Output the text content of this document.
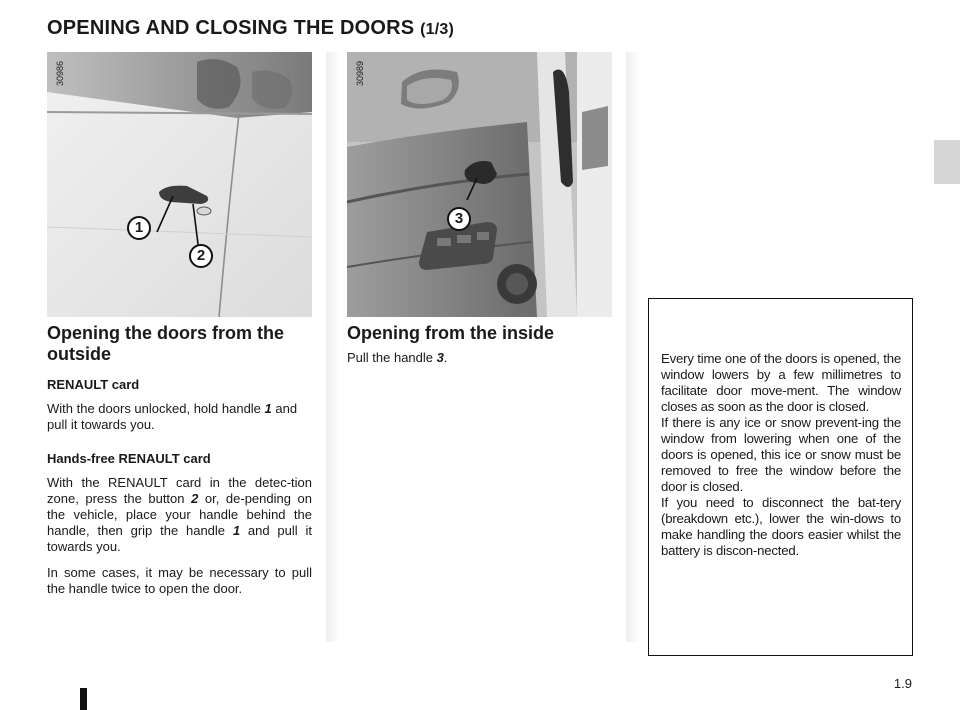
OPENING AND CLOSING THE DOORS (1/3)
30986
1
2
30989
3
Opening the doors from the outside

RENAULT card

With the doors unlocked, hold handle 1 and pull it towards you.

Hands-free RENAULT card

With the RENAULT card in the detec-tion zone, press the button 2 or, de-pending on the vehicle, place your handle behind the handle, then grip the handle 1 and pull it towards you.

In some cases, it may be necessary to pull the handle twice to open the door.

Opening from the inside

Pull the handle 3.	Every time one of the doors is opened, the window lowers by a few millimetres to facilitate door move-ment. The window closes as soon as the door is closed.

If there is any ice or snow prevent-ing the window from lowering when one of the doors is opened, this ice or snow must be removed to free the window before the door is closed.

If you need to disconnect the bat-tery (breakdown etc.), lower the win-dows to make handling the doors easier whilst the battery is discon-nected.

1.9
